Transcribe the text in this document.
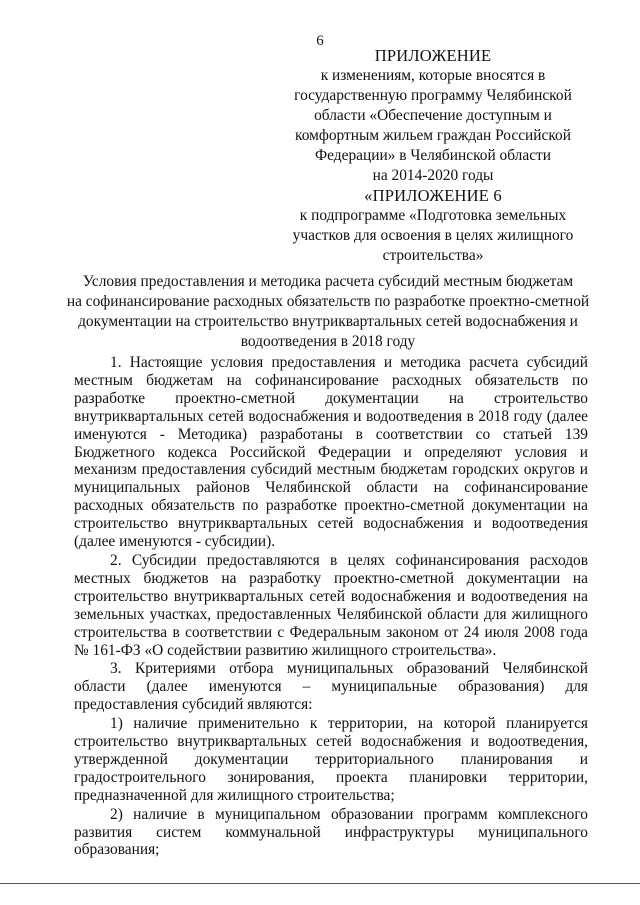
6
ПРИЛОЖЕНИЕ
к изменениям, которые вносятся в
государственную программу Челябинской
области «Обеспечение доступным и
комфортным жильем граждан Российской
Федерации» в Челябинской области
на 2014-2020 годы
«ПРИЛОЖЕНИЕ 6
к подпрограмме «Подготовка земельных
участков для освоения в целях жилищного
строительства»
Условия предоставления и методика расчета субсидий местным бюджетам
на софинансирование расходных обязательств по разработке проектно-сметной
документации на строительство внутриквартальных сетей водоснабжения и
водоотведения в 2018 году

1. Настоящие условия предоставления и методика расчета субсидий местным бюджетам на софинансирование расходных обязательств по разработке проектно-сметной документации на строительство внутриквартальных сетей водоснабжения и водоотведения в 2018 году (далее именуются - Методика) разработаны в соответствии со статьей 139 Бюджетного кодекса Российской Федерации и определяют условия и механизм предоставления субсидий местным бюджетам городских округов и муниципальных районов Челябинской области на софинансирование расходных обязательств по разработке проектно-сметной документации на строительство внутриквартальных сетей водоснабжения и водоотведения (далее именуются - субсидии).

2. Субсидии предоставляются в целях софинансирования расходов местных бюджетов на разработку проектно-сметной документации на строительство внутриквартальных сетей водоснабжения и водоотведения на земельных участках, предоставленных Челябинской области для жилищного строительства в соответствии с Федеральным законом от 24 июля 2008 года № 161-ФЗ «О содействии развитию жилищного строительства».

3. Критериями отбора муниципальных образований Челябинской области (далее именуются – муниципальные образования) для предоставления субсидий являются:

1) наличие применительно к территории, на которой планируется строительство внутриквартальных сетей водоснабжения и водоотведения, утвержденной документации территориального планирования и градостроительного зонирования, проекта планировки территории, предназначенной для жилищного строительства;

2) наличие в муниципальном образовании программ комплексного развития систем коммунальной инфраструктуры муниципального образования;
